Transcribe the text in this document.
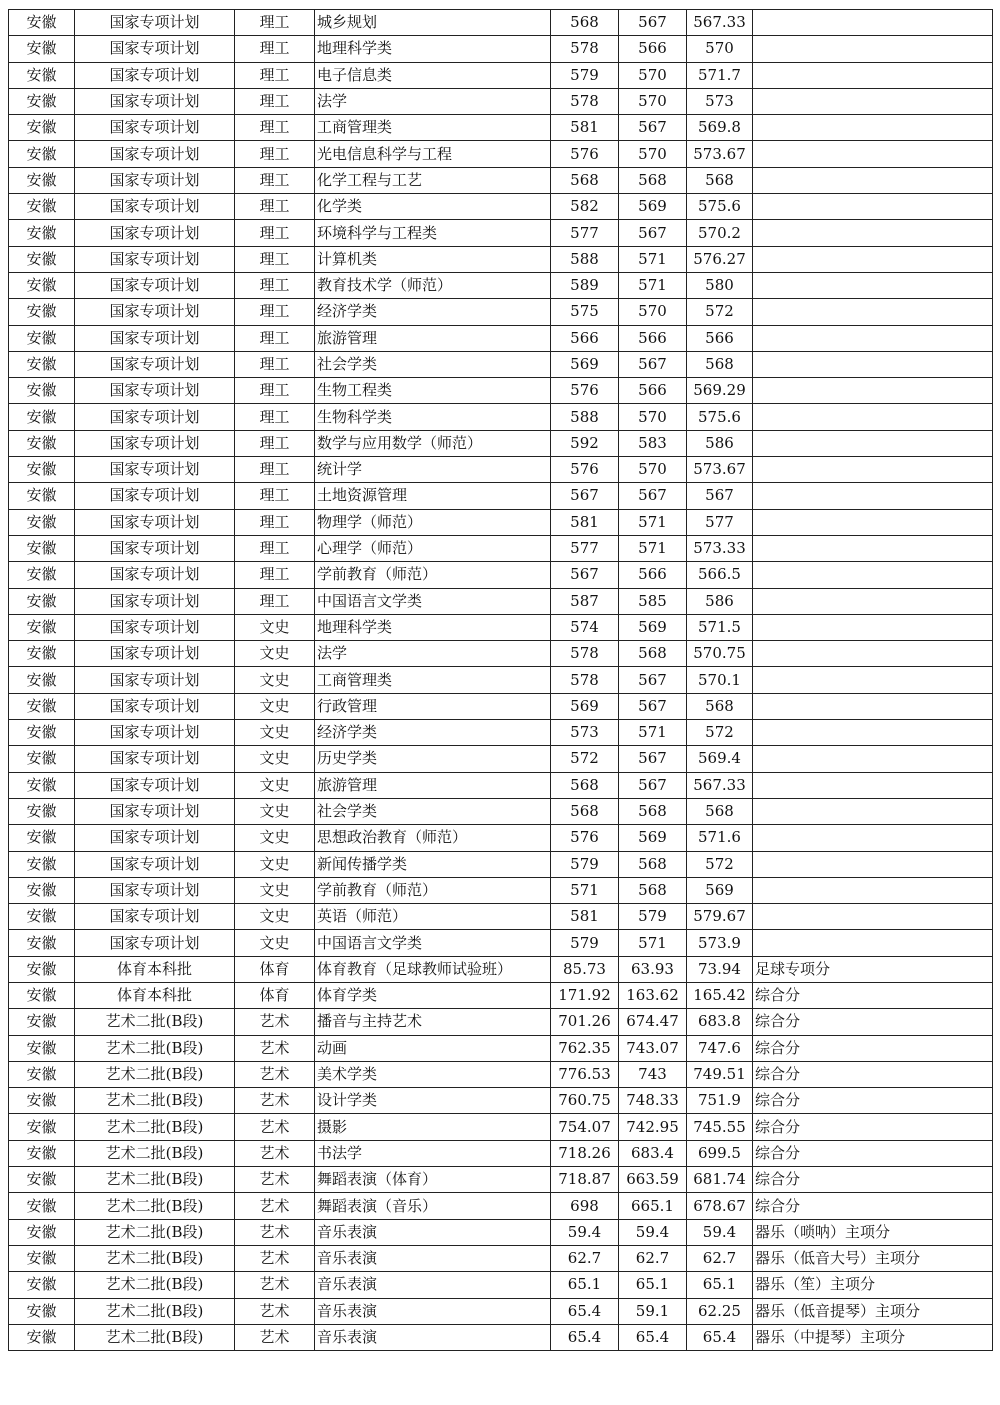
安徽	国家专项计划	理工	城乡规划	568	567	567.33	
安徽	国家专项计划	理工	地理科学类	578	566	570	
安徽	国家专项计划	理工	电子信息类	579	570	571.7	
安徽	国家专项计划	理工	法学	578	570	573	
安徽	国家专项计划	理工	工商管理类	581	567	569.8	
安徽	国家专项计划	理工	光电信息科学与工程	576	570	573.67	
安徽	国家专项计划	理工	化学工程与工艺	568	568	568	
安徽	国家专项计划	理工	化学类	582	569	575.6	
安徽	国家专项计划	理工	环境科学与工程类	577	567	570.2	
安徽	国家专项计划	理工	计算机类	588	571	576.27	
安徽	国家专项计划	理工	教育技术学（师范）	589	571	580	
安徽	国家专项计划	理工	经济学类	575	570	572	
安徽	国家专项计划	理工	旅游管理	566	566	566	
安徽	国家专项计划	理工	社会学类	569	567	568	
安徽	国家专项计划	理工	生物工程类	576	566	569.29	
安徽	国家专项计划	理工	生物科学类	588	570	575.6	
安徽	国家专项计划	理工	数学与应用数学（师范）	592	583	586	
安徽	国家专项计划	理工	统计学	576	570	573.67	
安徽	国家专项计划	理工	土地资源管理	567	567	567	
安徽	国家专项计划	理工	物理学（师范）	581	571	577	
安徽	国家专项计划	理工	心理学（师范）	577	571	573.33	
安徽	国家专项计划	理工	学前教育（师范）	567	566	566.5	
安徽	国家专项计划	理工	中国语言文学类	587	585	586	
安徽	国家专项计划	文史	地理科学类	574	569	571.5	
安徽	国家专项计划	文史	法学	578	568	570.75	
安徽	国家专项计划	文史	工商管理类	578	567	570.1	
安徽	国家专项计划	文史	行政管理	569	567	568	
安徽	国家专项计划	文史	经济学类	573	571	572	
安徽	国家专项计划	文史	历史学类	572	567	569.4	
安徽	国家专项计划	文史	旅游管理	568	567	567.33	
安徽	国家专项计划	文史	社会学类	568	568	568	
安徽	国家专项计划	文史	思想政治教育（师范）	576	569	571.6	
安徽	国家专项计划	文史	新闻传播学类	579	568	572	
安徽	国家专项计划	文史	学前教育（师范）	571	568	569	
安徽	国家专项计划	文史	英语（师范）	581	579	579.67	
安徽	国家专项计划	文史	中国语言文学类	579	571	573.9	
安徽	体育本科批	体育	体育教育（足球教师试验班）	85.73	63.93	73.94	足球专项分
安徽	体育本科批	体育	体育学类	171.92	163.62	165.42	综合分
安徽	艺术二批(B段)	艺术	播音与主持艺术	701.26	674.47	683.8	综合分
安徽	艺术二批(B段)	艺术	动画	762.35	743.07	747.6	综合分
安徽	艺术二批(B段)	艺术	美术学类	776.53	743	749.51	综合分
安徽	艺术二批(B段)	艺术	设计学类	760.75	748.33	751.9	综合分
安徽	艺术二批(B段)	艺术	摄影	754.07	742.95	745.55	综合分
安徽	艺术二批(B段)	艺术	书法学	718.26	683.4	699.5	综合分
安徽	艺术二批(B段)	艺术	舞蹈表演（体育）	718.87	663.59	681.74	综合分
安徽	艺术二批(B段)	艺术	舞蹈表演（音乐）	698	665.1	678.67	综合分
安徽	艺术二批(B段)	艺术	音乐表演	59.4	59.4	59.4	器乐（唢呐）主项分
安徽	艺术二批(B段)	艺术	音乐表演	62.7	62.7	62.7	器乐（低音大号）主项分
安徽	艺术二批(B段)	艺术	音乐表演	65.1	65.1	65.1	器乐（笙）主项分
安徽	艺术二批(B段)	艺术	音乐表演	65.4	59.1	62.25	器乐（低音提琴）主项分
安徽	艺术二批(B段)	艺术	音乐表演	65.4	65.4	65.4	器乐（中提琴）主项分
